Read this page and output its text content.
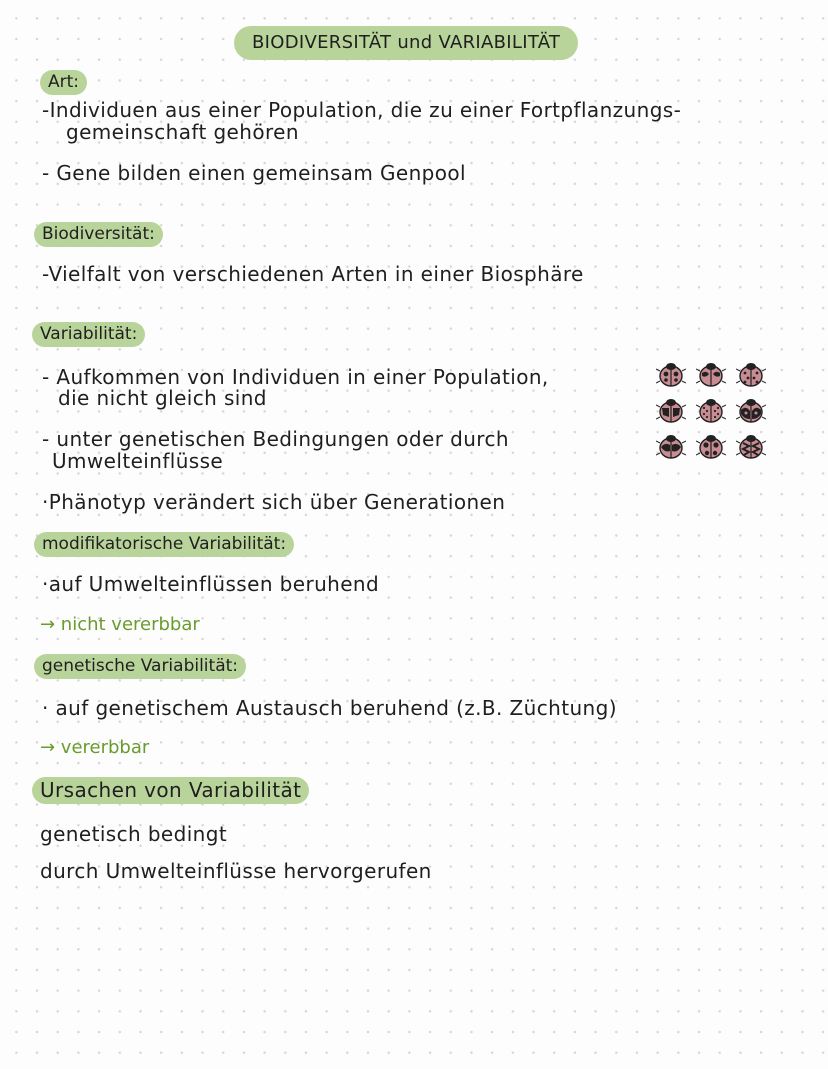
BIODIVERSITÄT und VARIABILITÄT
Art:
-Individuen aus einer Population, die zu einer Fortpflanzungs-
gemeinschaft gehören
- Gene bilden einen gemeinsam Genpool
Biodiversität:
-Vielfalt von verschiedenen Arten in einer Biosphäre
Variabilität:
- Aufkommen von Individuen in einer Population,
die nicht gleich sind
- unter genetischen Bedingungen oder durch
Umwelteinflüsse
·Phänotyp verändert sich über Generationen
modifikatorische Variabilität:
·auf Umwelteinflüssen beruhend
→ nicht vererbbar
genetische Variabilität:
· auf genetischem Austausch beruhend (z.B. Züchtung)
→ vererbbar
Ursachen von Variabilität
genetisch bedingt
durch Umwelteinflüsse hervorgerufen
